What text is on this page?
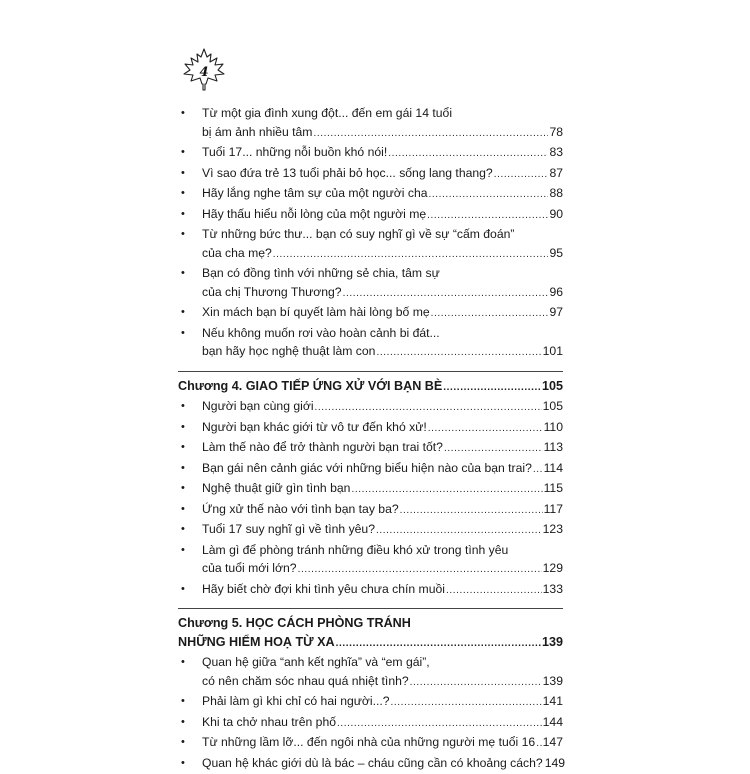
4
• Từ một gia đình xung đột... đến em gái 14 tuổi
bị ám ảnh nhiều tâm .....	78
• Tuổi 17... những nỗi buồn khó nói! .....	83
• Vì sao đứa trẻ 13 tuổi phải bỏ học... sống lang thang? .....	87
• Hãy lắng nghe tâm sự của một người cha .....	88
• Hãy thấu hiểu nỗi lòng của một người mẹ .....	90
• Từ những bức thư... bạn có suy nghĩ gì về sự “cấm đoán”
của cha mẹ? .....	95
• Bạn có đồng tình với những sẻ chia, tâm sự
của chị Thương Thương? .....	96
• Xin mách bạn bí quyết làm hài lòng bố mẹ .....	97
• Nếu không muốn rơi vào hoàn cảnh bi đát...
bạn hãy học nghệ thuật làm con .....	101
Chương 4. GIAO TIẾP ỨNG XỬ VỚI BẠN BÈ .....	105
• Người bạn cùng giới .....	105
• Người bạn khác giới từ vô tư đến khó xử! .....	110
• Làm thế nào để trở thành người bạn trai tốt? .....	113
• Bạn gái nên cảnh giác với những biểu hiện nào của bạn trai? ..... 114
• Nghệ thuật giữ gìn tình bạn .....	115
• Ứng xử thế nào với tình bạn tay ba? .....	117
• Tuổi 17 suy nghĩ gì về tình yêu? .....	123
• Làm gì để phòng tránh những điều khó xử trong tình yêu
của tuổi mới lớn? .....	129
• Hãy biết chờ đợi khi tình yêu chưa chín muồi .....	133
Chương 5. HỌC CÁCH PHÒNG TRÁNH
NHỮNG HIỂM HOẠ TỪ XA .....	139
• Quan hệ giữa “anh kết nghĩa” và “em gái”,
có nên chăm sóc nhau quá nhiệt tình? .....	139
• Phải làm gì khi chỉ có hai người...? .....	141
• Khi ta chở nhau trên phố .....	144
• Từ những lầm lỡ... đến ngôi nhà của những người mẹ tuổi 16 ..... 147
• Quan hệ khác giới dù là bác – cháu cũng cần có khoảng cách? 149
